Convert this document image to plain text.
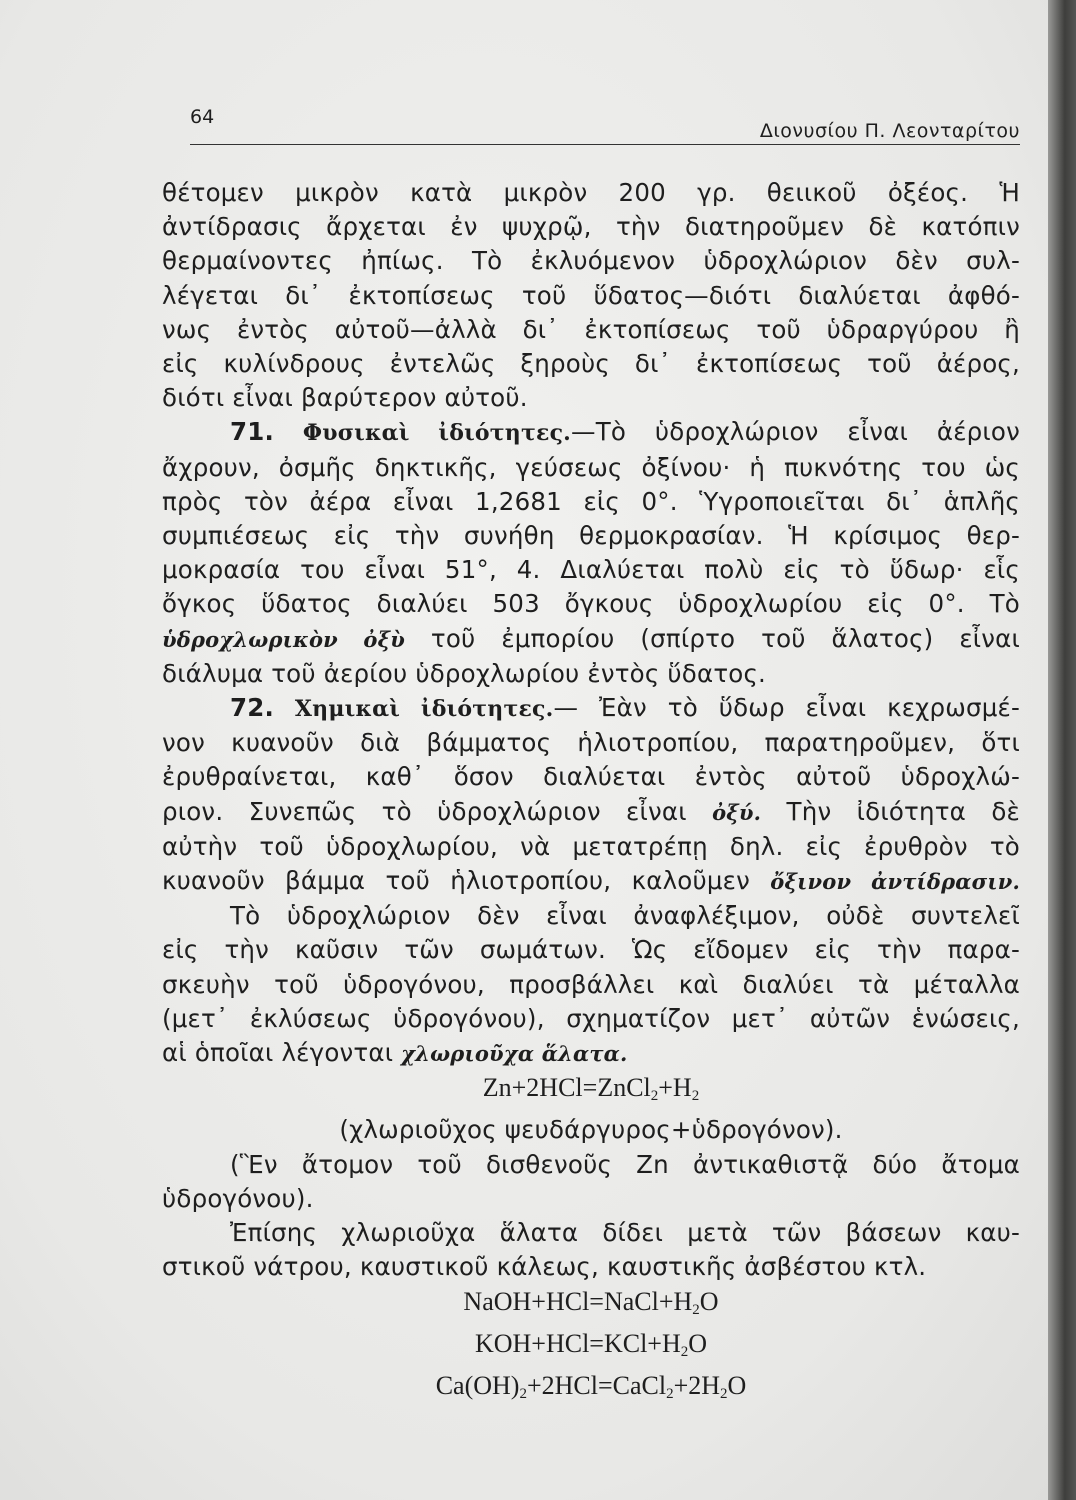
64
Διονυσίου Π. Λεονταρίτου
θέτομεν μικρὸν κατὰ μικρὸν 200 γρ. θειικοῦ ὀξέος. Ἡ
ἀντίδρασις ἄρχεται ἐν ψυχρῷ, τὴν διατηροῦμεν δὲ κατόπιν
θερμαίνοντες ἠπίως. Τὸ ἐκλυόμενον ὑδροχλώριον δὲν συλ-
λέγεται δι᾿ ἐκτοπίσεως τοῦ ὕδατος—διότι διαλύεται ἀφθό-
νως ἐντὸς αὐτοῦ—ἀλλὰ δι᾿ ἐκτοπίσεως τοῦ ὑδραργύρου ἢ
εἰς κυλίνδρους ἐντελῶς ξηροὺς δι᾿ ἐκτοπίσεως τοῦ ἀέρος,
διότι εἶναι βαρύτερον αὐτοῦ.
71. Φυσικαὶ ἰδιότητες.—Τὸ ὑδροχλώριον εἶναι ἀέριον
ἄχρουν, ὀσμῆς δηκτικῆς, γεύσεως ὀξίνου· ἡ πυκνότης του ὡς
πρὸς τὸν ἀέρα εἶναι 1,2681 εἰς 0°. Ὑγροποιεῖται δι᾿ ἁπλῆς
συμπιέσεως εἰς τὴν συνήθη θερμοκρασίαν. Ἡ κρίσιμος θερ-
μοκρασία του εἶναι 51°, 4. Διαλύεται πολὺ εἰς τὸ ὕδωρ· εἷς
ὄγκος ὕδατος διαλύει 503 ὄγκους ὑδροχλωρίου εἰς 0°. Τὸ
ὑδροχλωρικὸν ὀξὺ τοῦ ἐμπορίου (σπίρτο τοῦ ἅλατος) εἶναι
διάλυμα τοῦ ἀερίου ὑδροχλωρίου ἐντὸς ὕδατος.
72. Χημικαὶ ἰδιότητες.— Ἐὰν τὸ ὕδωρ εἶναι κεχρωσμέ-
νον κυανοῦν διὰ βάμματος ἡλιοτροπίου, παρατηροῦμεν, ὅτι
ἐρυθραίνεται, καθ᾿ ὅσον διαλύεται ἐντὸς αὐτοῦ ὑδροχλώ-
ριον. Συνεπῶς τὸ ὑδροχλώριον εἶναι ὀξύ. Τὴν ἰδιότητα δὲ
αὐτὴν τοῦ ὑδροχλωρίου, νὰ μετατρέπῃ δηλ. εἰς ἐρυθρὸν τὸ
κυανοῦν βάμμα τοῦ ἡλιοτροπίου, καλοῦμεν ὄξινον ἀντίδρασιν.
Τὸ ὑδροχλώριον δὲν εἶναι ἀναφλέξιμον, οὐδὲ συντελεῖ
εἰς τὴν καῦσιν τῶν σωμάτων. Ὡς εἴδομεν εἰς τὴν παρα-
σκευὴν τοῦ ὑδρογόνου, προσβάλλει καὶ διαλύει τὰ μέταλλα
(μετ᾿ ἐκλύσεως ὑδρογόνου), σχηματίζον μετ᾿ αὐτῶν ἑνώσεις,
αἱ ὁποῖαι λέγονται χλωριοῦχα ἅλατα.
$Zn+2HCl=ZnCl_2+H_2$
(χλωριοῦχος ψευδάργυρος+ὑδρογόνον).
(Ἓν ἄτομον τοῦ δισθενοῦς Zn ἀντικαθιστᾷ δύο ἄτομα
ὑδρογόνου).
Ἐπίσης χλωριοῦχα ἅλατα δίδει μετὰ τῶν βάσεων καυ-
στικοῦ νάτρου, καυστικοῦ κάλεως, καυστικῆς ἀσβέστου κτλ.
$NaOH+HCl=NaCl+H_2O$
$KOH+HCl=KCl+H_2O$
$Ca(OH)_2+2HCl=CaCl_2+2H_2O$
